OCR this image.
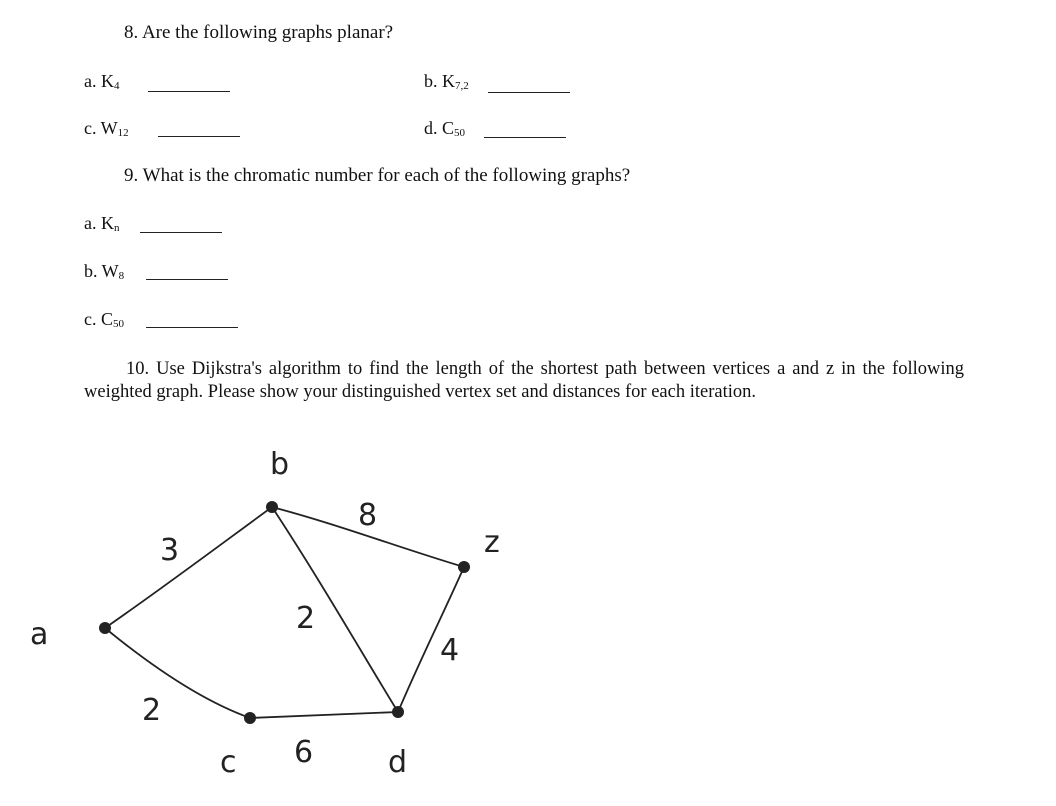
8. Are the following graphs planar?
a. $K_4$	b. $K_{7,2}$
c. $W_{12}$	d. $C_{50}$
9. What is the chromatic number for each of the following graphs?
a. $K_n$
b. $W_8$
c. $C_{50}$
10. Use Dijkstra's algorithm to find the length of the shortest path between vertices a and z in the following weighted graph. Please show your distinguished vertex set and distances for each iteration.
a
b
c	d
z
3
2
2
8
6
4
